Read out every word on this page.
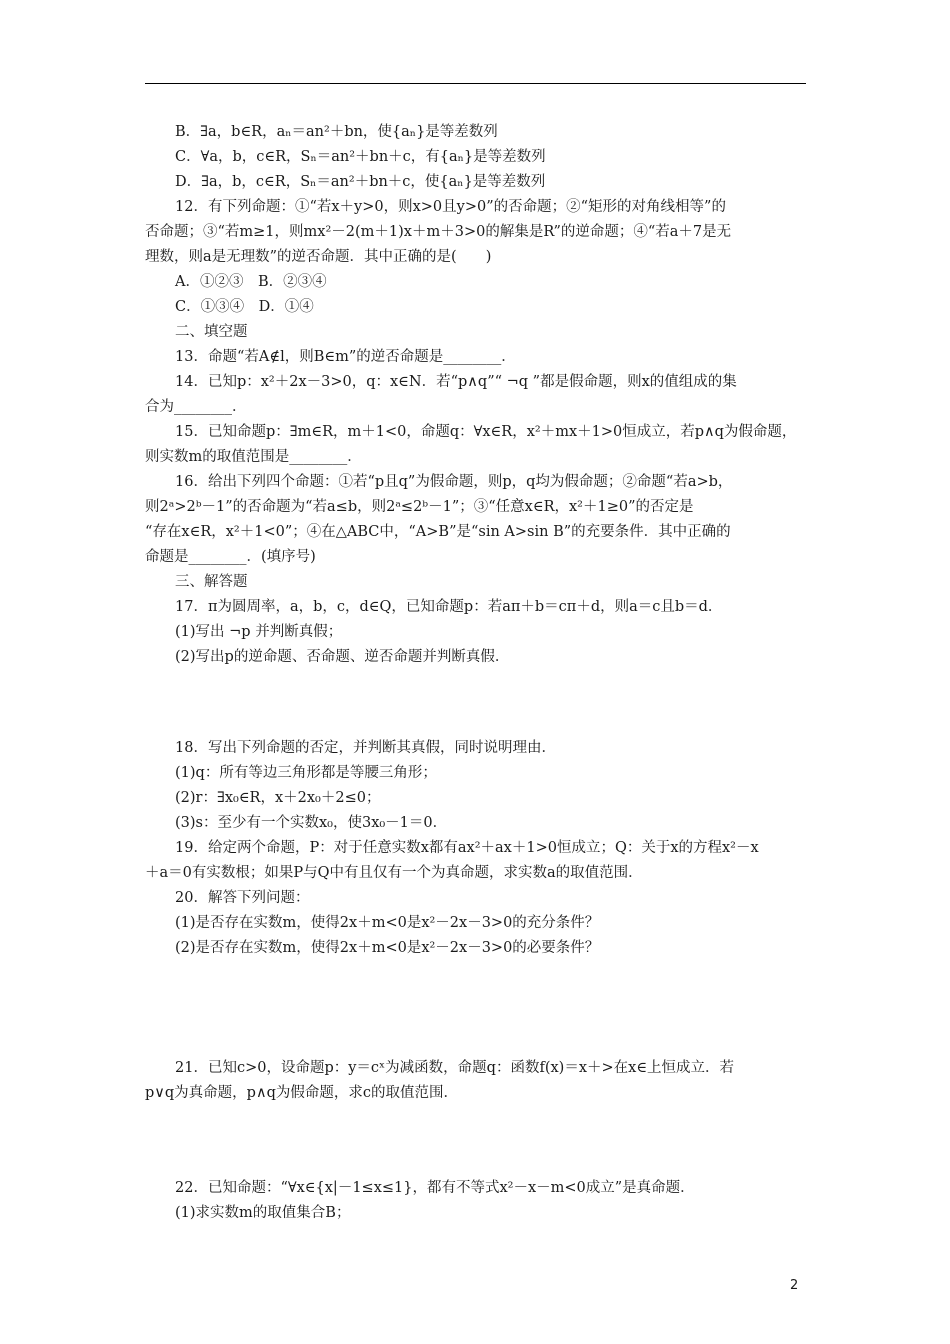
B．∃a，b∈R，aₙ＝an²＋bn，使{aₙ}是等差数列
C．∀a，b，c∈R，Sₙ＝an²＋bn＋c，有{aₙ}是等差数列
D．∃a，b，c∈R，Sₙ＝an²＋bn＋c，使{aₙ}是等差数列
12．有下列命题：①“若x＋y>0，则x>0且y>0”的否命题；②“矩形的对角线相等”的
否命题；③“若m≥1，则mx²－2(m＋1)x＋m＋3>0的解集是R”的逆命题；④“若a＋7是无
理数，则a是无理数”的逆否命题．其中正确的是(　　)
A．①②③　B．②③④
C．①③④　D．①④
二、填空题
13．命题“若A∉l，则B∈m”的逆否命题是________．
14．已知p：x²＋2x－3>0，q：x∈N．若“p∧q”“ ¬q ”都是假命题，则x的值组成的集
合为________．
15．已知命题p：∃m∈R，m＋1<0，命题q：∀x∈R，x²＋mx＋1>0恒成立，若p∧q为假命题，
则实数m的取值范围是________．
16．给出下列四个命题：①若“p且q”为假命题，则p，q均为假命题；②命题“若a>b，
则2ᵃ>2ᵇ－1”的否命题为“若a≤b，则2ᵃ≤2ᵇ－1”；③“任意x∈R，x²＋1≥0”的否定是
“存在x∈R，x²＋1<0”；④在△ABC中，“A>B”是“sin A>sin B”的充要条件．其中正确的
命题是________．(填序号)
三、解答题
17．π为圆周率，a，b，c，d∈Q，已知命题p：若aπ＋b＝cπ＋d，则a＝c且b＝d．
(1)写出 ¬p 并判断真假；
(2)写出p的逆命题、否命题、逆否命题并判断真假．
18．写出下列命题的否定，并判断其真假，同时说明理由．
(1)q：所有等边三角形都是等腰三角形；
(2)r：∃x₀∈R，x＋2x₀＋2≤0；
(3)s：至少有一个实数x₀，使3x₀－1＝0．
19．给定两个命题，P：对于任意实数x都有ax²＋ax＋1>0恒成立；Q：关于x的方程x²－x
＋a＝0有实数根；如果P与Q中有且仅有一个为真命题，求实数a的取值范围．
20．解答下列问题：
(1)是否存在实数m，使得2x＋m<0是x²－2x－3>0的充分条件？
(2)是否存在实数m，使得2x＋m<0是x²－2x－3>0的必要条件？
21．已知c>0，设命题p：y＝cˣ为减函数，命题q：函数f(x)＝x＋>在x∈上恒成立．若
p∨q为真命题，p∧q为假命题，求c的取值范围．
22．已知命题：“∀x∈{x|－1≤x≤1}，都有不等式x²－x－m<0成立”是真命题．
(1)求实数m的取值集合B；
2
